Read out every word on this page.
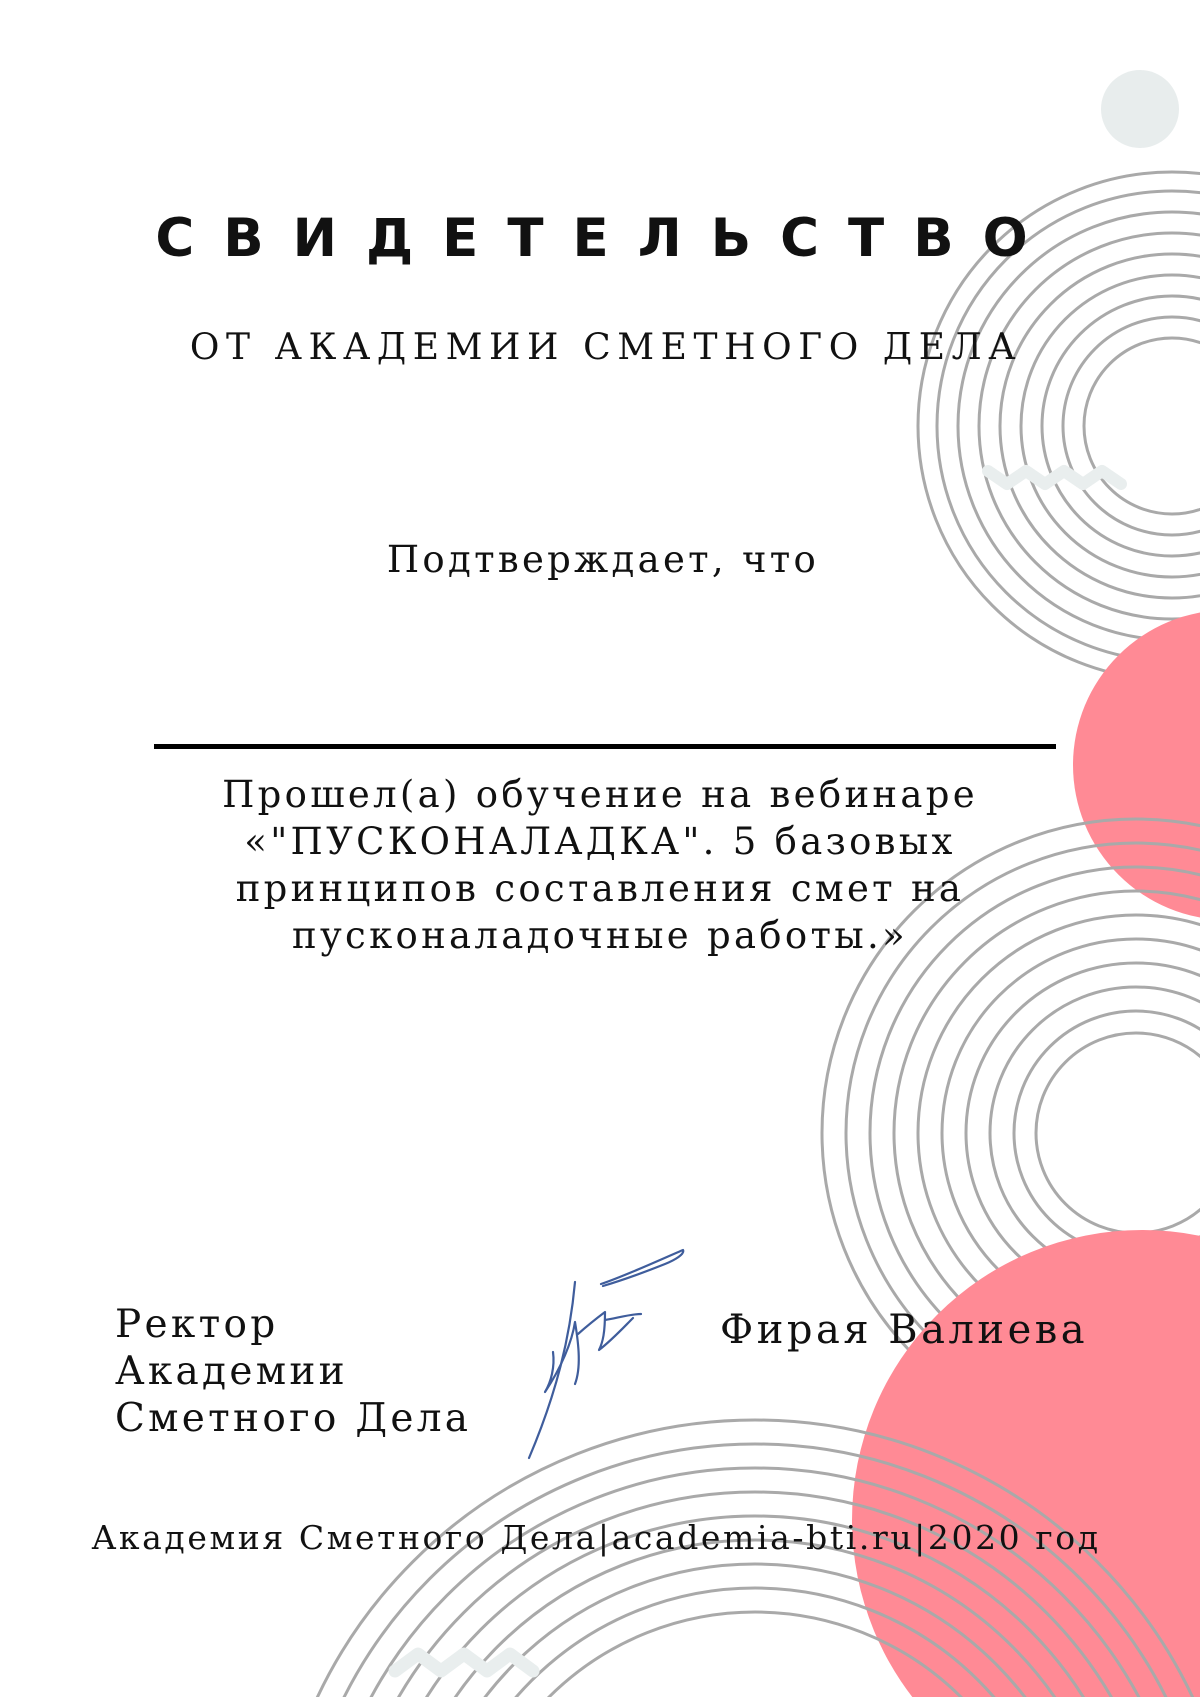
СВИДЕТЕЛЬСТВО
ОТ АКАДЕМИИ СМЕТНОГО ДЕЛА
Подтверждает, что
Прошел(а) обучение на вебинаре
«"ПУСКОНАЛАДКА". 5 базовых
принципов составления смет на
пусконаладочные работы.»
Ректор
Академии
Сметного Дела
Фирая Валиева
Академия Сметного Дела|academia-bti.ru|2020 год
